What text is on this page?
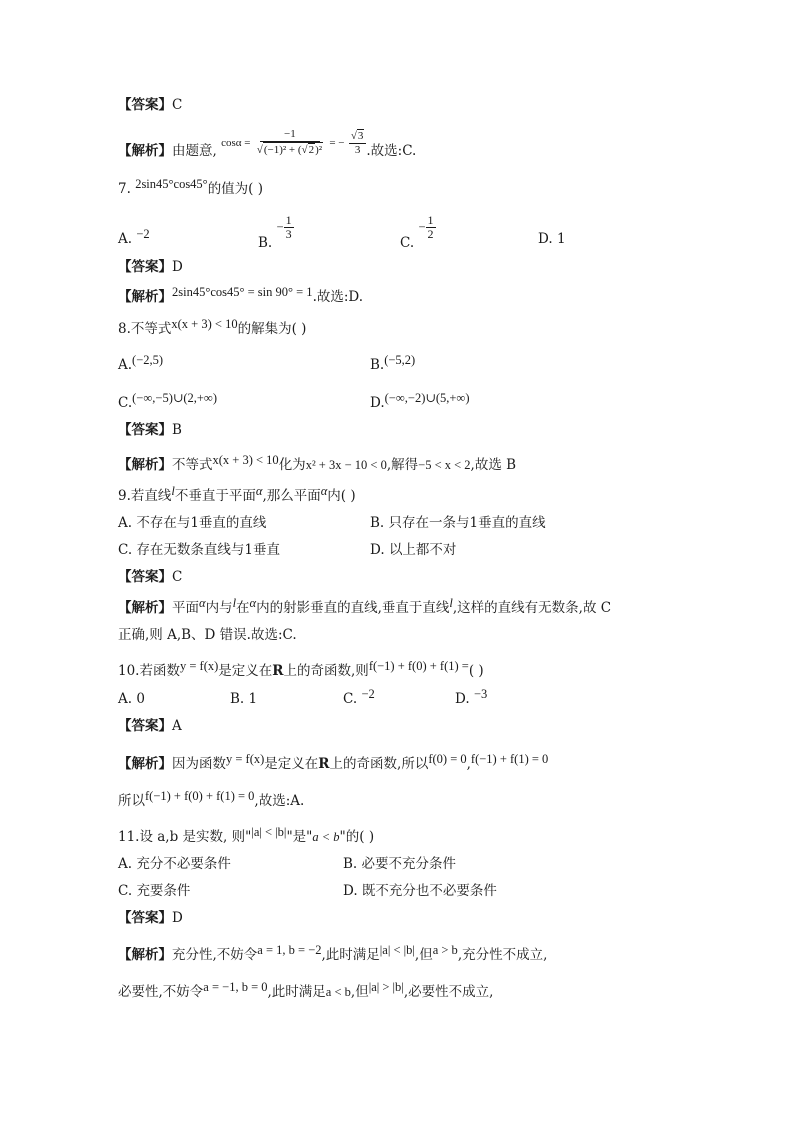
【答案】C
【解析】由题意, $\cos\alpha = \frac{-1}{\text{√(−1)² + (√2)²}}$ = − $\frac{√3}{3}$ .故选:C.
7. 2sin45°cos45°的值为( )
A. −2
B. − $\frac{1}{3}$
C. − $\frac{1}{2}$	D. 1
【答案】D
【解析】2sin45°cos45° = sin 90° = 1.故选:D.
8.不等式x(x + 3) < 10的解集为( )
A.(−2,5)	B.(−5,2)
C.(−∞,−5)∪(2,+∞)	D.(−∞,−2)∪(5,+∞)
【答案】B
【解析】不等式x(x + 3) < 10化为x² + 3x − 10 < 0,解得−5 < x < 2,故选 B
9.若直线l不垂直于平面α,那么平面α内( )
A. 不存在与1垂直的直线	B. 只存在一条与1垂直的直线
C. 存在无数条直线与1垂直	D. 以上都不对
【答案】C
【解析】平面α内与l在α内的射影垂直的直线,垂直于直线l,这样的直线有无数条,故 C
正确,则 A,B、D 错误.故选:C.
10.若函数y = f(x)是定义在R上的奇函数,则f(−1) + f(0) + f(1) =( )
A. 0	B. 1	C. −2	D. −3
【答案】A
【解析】因为函数y = f(x)是定义在R上的奇函数,所以f(0) = 0,f(−1) + f(1) = 0
所以f(−1) + f(0) + f(1) = 0,故选:A.
11.设 a,b 是实数, 则"|a| < |b|"是"a < b"的( )
A. 充分不必要条件	B. 必要不充分条件
C. 充要条件	D. 既不充分也不必要条件
【答案】D
【解析】充分性,不妨令a = 1, b = −2,此时满足|a| < |b|,但a > b,充分性不成立,
必要性,不妨令a = −1, b = 0,此时满足a < b,但|a| > |b|,必要性不成立,
